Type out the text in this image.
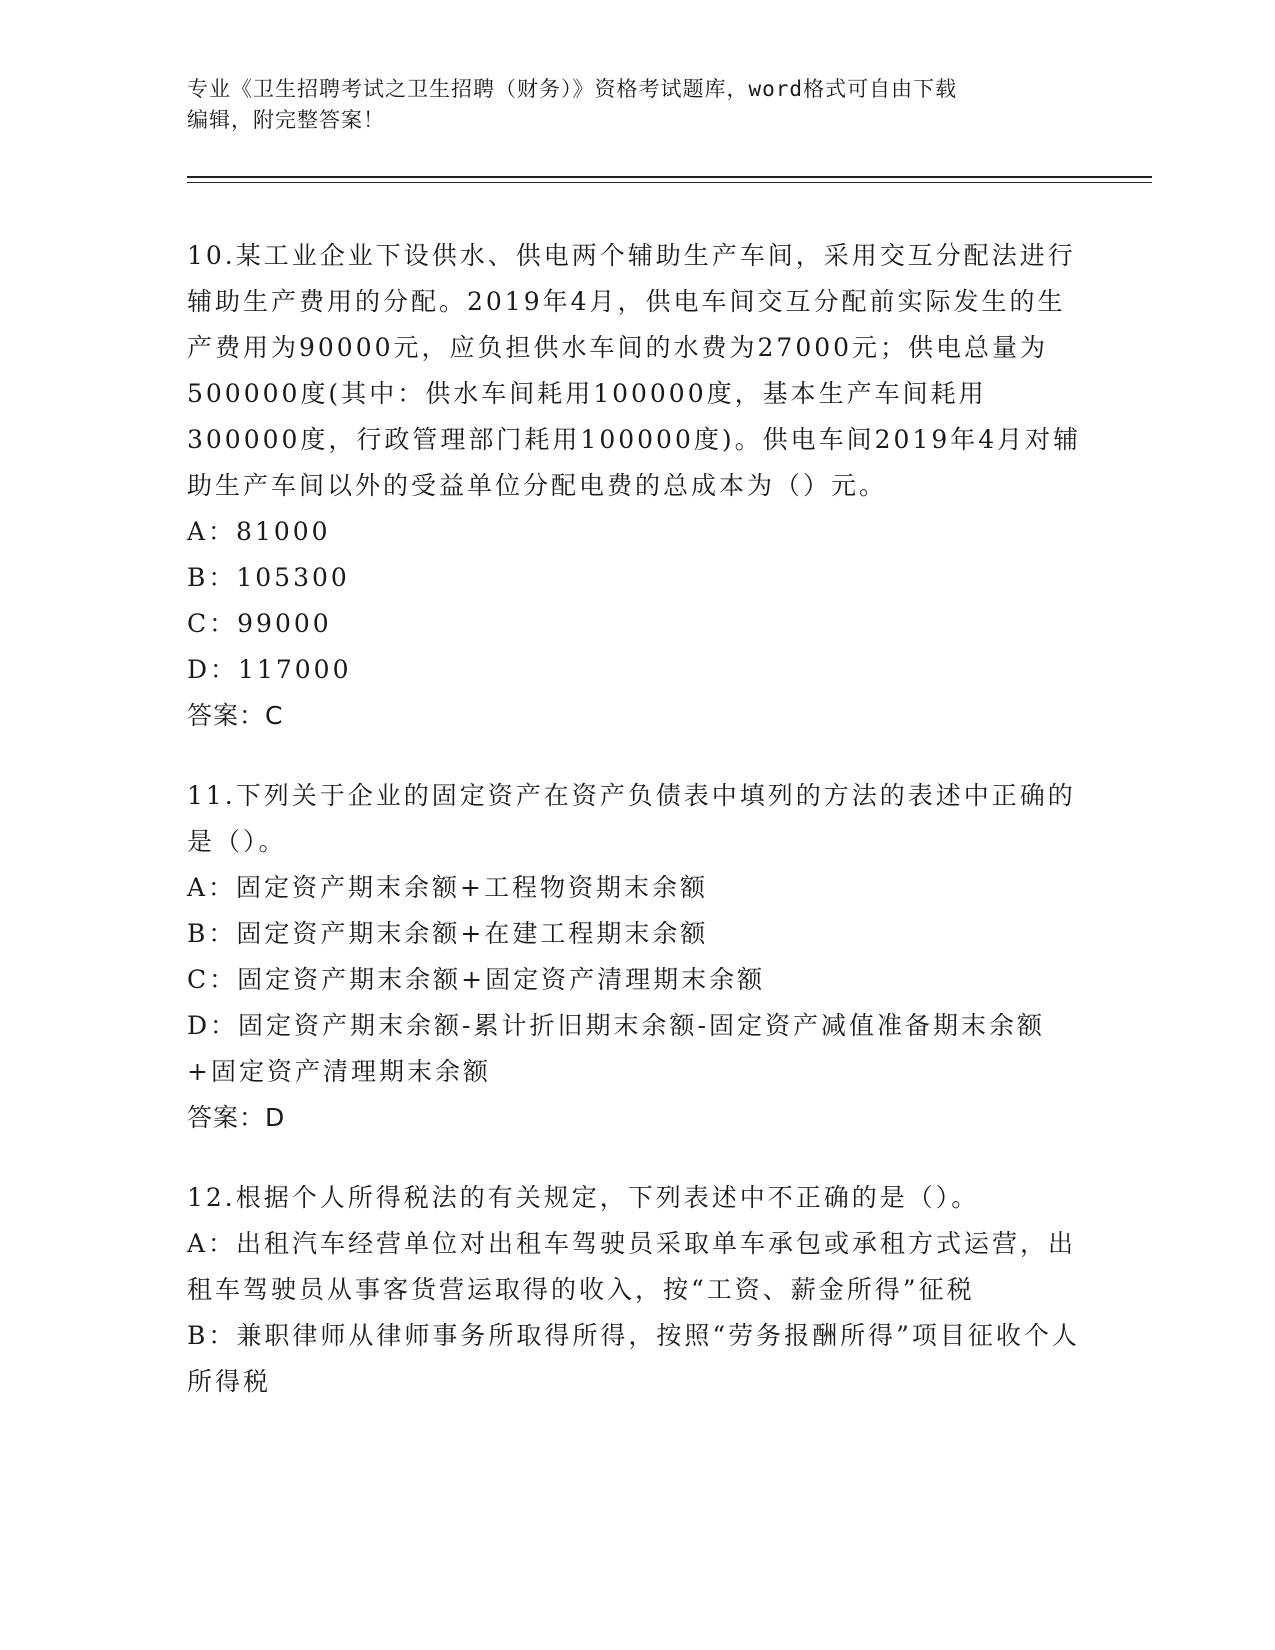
专业《卫生招聘考试之卫生招聘（财务）》资格考试题库，word格式可自由下载
编辑，附完整答案！
10.某工业企业下设供水、供电两个辅助生产车间，采用交互分配法进行辅助生产费用的分配。2019年4月，供电车间交互分配前实际发生的生产费用为90000元，应负担供水车间的水费为27000元；供电总量为500000度(其中：供水车间耗用100000度，基本生产车间耗用300000度，行政管理部门耗用100000度)。供电车间2019年4月对辅助生产车间以外的受益单位分配电费的总成本为（）元。
A：81000
B：105300
C：99000
D：117000
答案：C
11.下列关于企业的固定资产在资产负债表中填列的方法的表述中正确的是（）。
A：固定资产期末余额+工程物资期末余额
B：固定资产期末余额+在建工程期末余额
C：固定资产期末余额+固定资产清理期末余额
D：固定资产期末余额-累计折旧期末余额-固定资产减值准备期末余额+固定资产清理期末余额
答案：D
12.根据个人所得税法的有关规定，下列表述中不正确的是（）。
A：出租汽车经营单位对出租车驾驶员采取单车承包或承租方式运营，出租车驾驶员从事客货营运取得的收入，按“工资、薪金所得”征税
B：兼职律师从律师事务所取得所得，按照“劳务报酬所得”项目征收个人所得税
